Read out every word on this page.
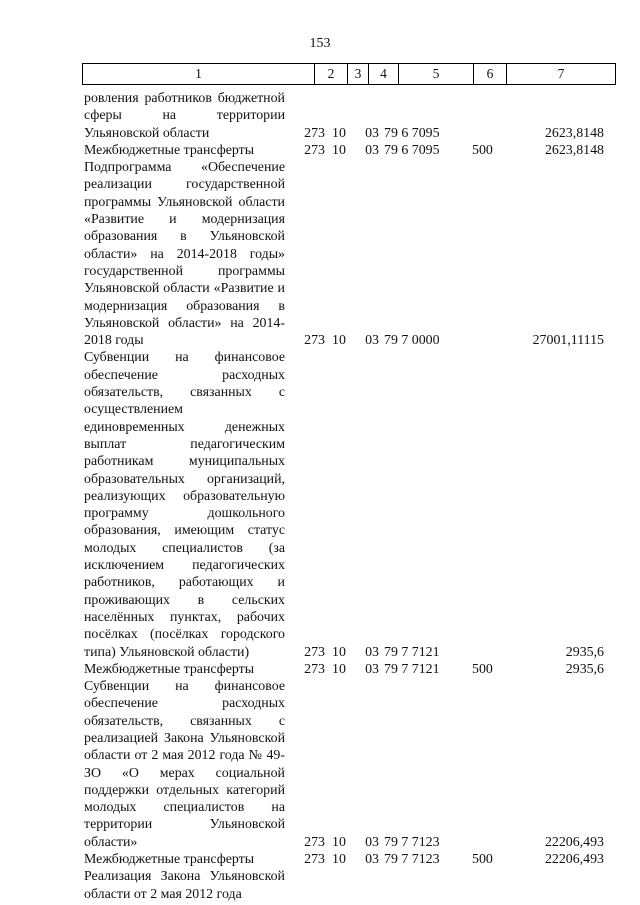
153
1	2	3	4	5	6	7
ровления работников бюджетной сферы на территории Ульяновской области	273 10	03 79 6 7095	2623,8148
Межбюджетные трансферты	273 10	03 79 6 7095	500	2623,8148
Подпрограмма «Обеспечение реализации государственной программы Ульяновской области «Развитие и модернизация образования в Ульяновской области» на 2014-2018 годы» государственной программы Ульяновской области «Развитие и модернизация образования в Ульяновской области» на 2014-2018 годы	273 10	03 79 7 0000	27001,11115
Субвенции на финансовое обеспечение расходных обязательств, связанных с осуществлением единовременных денежных выплат педагогическим работникам муниципальных образовательных организаций, реализующих образовательную программу дошкольного образования, имеющим статус молодых специалистов (за исключением педагогических работников, работающих и проживающих в сельских населённых пунктах, рабочих посёлках (посёлках городского типа) Ульяновской области)	273 10	03 79 7 7121	2935,6
Межбюджетные трансферты	273 10	03 79 7 7121	500	2935,6
Субвенции на финансовое обеспечение расходных обязательств, связанных с реализацией Закона Ульяновской области от 2 мая 2012 года № 49-ЗО «О мерах социальной поддержки отдельных категорий молодых специалистов на территории Ульяновской области»	273 10	03 79 7 7123	22206,493
Межбюджетные трансферты	273 10	03 79 7 7123	500	22206,493
Реализация Закона Ульяновской области от 2 мая 2012 года
